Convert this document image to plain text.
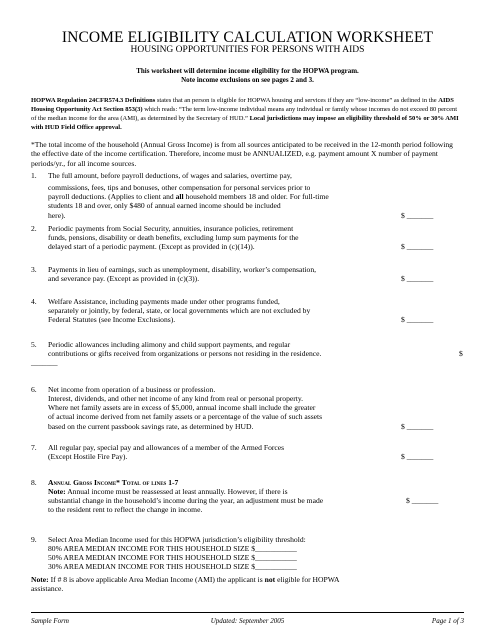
INCOME ELIGIBILITY CALCULATION WORKSHEET
HOUSING OPPORTUNITIES FOR PERSONS WITH AIDS
This worksheet will determine income eligibility for the HOPWA program.
Note income exclusions on see pages 2 and 3.
HOPWA Regulation 24CFR574.3 Definitions states that an person is eligible for HOPWA housing and services if they are “low-income” as defined in the AIDS Housing Opportunity Act Section 853(3) which reads: “The term low-income individual means any individual or family whose incomes do not exceed 80 percent of the median income for the area (AMI), as determined by the Secretary of HUD.” Local jurisdictions may impose an eligibility threshold of 50% or 30% AMI with HUD Field Office approval.
*The total income of the household (Annual Gross Income) is from all sources anticipated to be received in the 12-month period following the effective date of the income certification. Therefore, income must be ANNUALIZED, e.g. payment amount X number of payment periods/yr., for all income sources.
1. The full amount, before payroll deductions, of wages and salaries, overtime pay,
commissions, fees, tips and bonuses, other compensation for personal services prior to
payroll deductions. (Applies to client and all household members 18 and older. For full-time
students 18 and over, only $480 of annual earned income should be included
here).	$ _______
2. Periodic payments from Social Security, annuities, insurance policies, retirement
funds, pensions, disability or death benefits, excluding lump sum payments for the
delayed start of a periodic payment. (Except as provided in (c)(14)).	$ _______
3. Payments in lieu of earnings, such as unemployment, disability, worker’s compensation,
and severance pay. (Except as provided in (c)(3)).	$ _______
4. Welfare Assistance, including payments made under other programs funded,
separately or jointly, by federal, state, or local governments which are not excluded by
Federal Statutes (see Income Exclusions).	$ _______
5. Periodic allowances including alimony and child support payments, and regular
contributions or gifts received from organizations or persons not residing in the residence.	$
_______
6. Net income from operation of a business or profession.
Interest, dividends, and other net income of any kind from real or personal property.
Where net family assets are in excess of $5,000, annual income shall include the greater
of actual income derived from net family assets or a percentage of the value of such assets
based on the current passbook savings rate, as determined by HUD.	$ _______
7. All regular pay, special pay and allowances of a member of the Armed Forces
(Except Hostile Fire Pay).	$ _______
8. Annual Gross Income* Total of lines 1-7
Note: Annual income must be reassessed at least annually. However, if there is
substantial change in the household’s income during the year, an adjustment must be made	$ _______
to the resident rent to reflect the change in income.
9. Select Area Median Income used for this HOPWA jurisdiction’s eligibility threshold:
80% AREA MEDIAN INCOME FOR THIS HOUSEHOLD SIZE $___________
50% AREA MEDIAN INCOME FOR THIS HOUSEHOLD SIZE $___________
30% AREA MEDIAN INCOME FOR THIS HOUSEHOLD SIZE $___________
Note: If # 8 is above applicable Area Median Income (AMI) the applicant is not eligible for HOPWA
assistance.
Sample Form	Updated: September 2005	Page 1 of 3
